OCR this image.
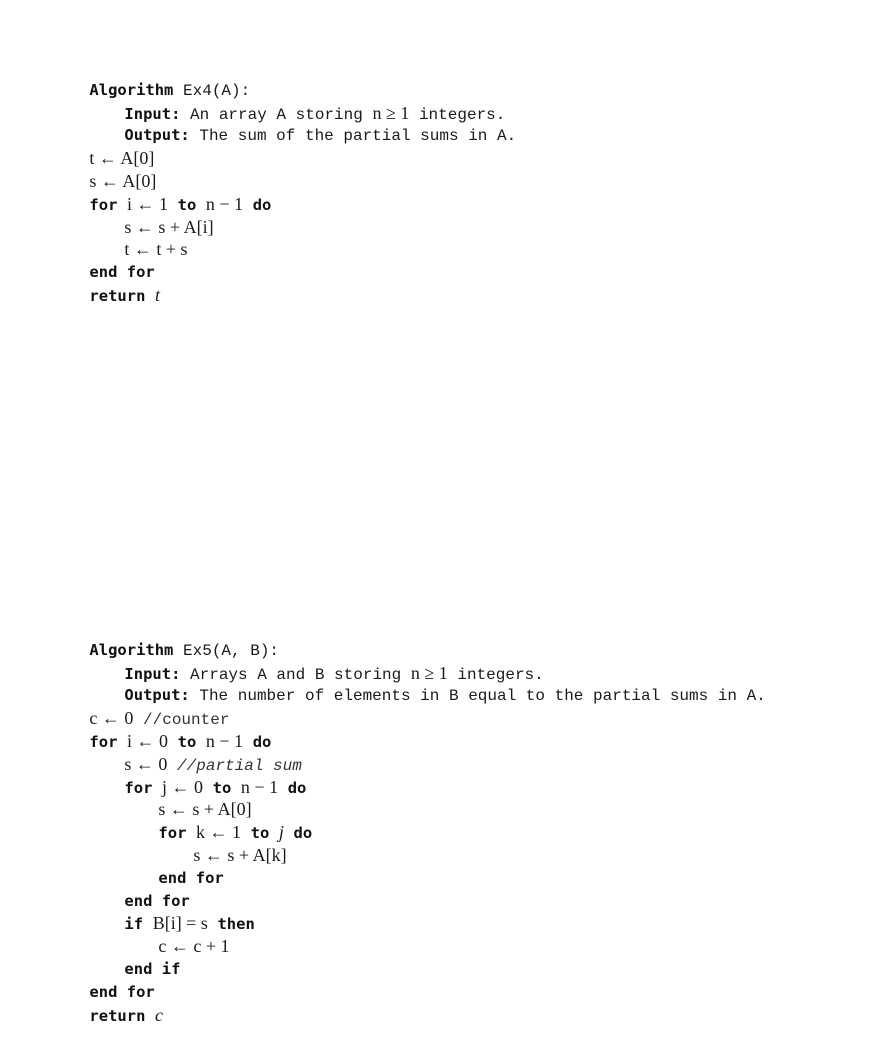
Algorithm Ex4(A):

Input: An array A storing n ≥ 1 integers.

Output: The sum of the partial sums in A.

t ← A[0]

s ← A[0]

for i ← 1 to n − 1 do

s ← s + A[i]

t ← t + s

end for

return t

Algorithm Ex5(A, B):

Input: Arrays A and B storing n ≥ 1 integers.

Output: The number of elements in B equal to the partial sums in A.

c ← 0 //counter

for i ← 0 to n − 1 do

s ← 0 //partial sum

for j ← 0 to n − 1 do

s ← s + A[0]

for k ← 1 to j do

s ← s + A[k]

end for

end for

if B[i] = s then

c ← c + 1

end if

end for

return c
